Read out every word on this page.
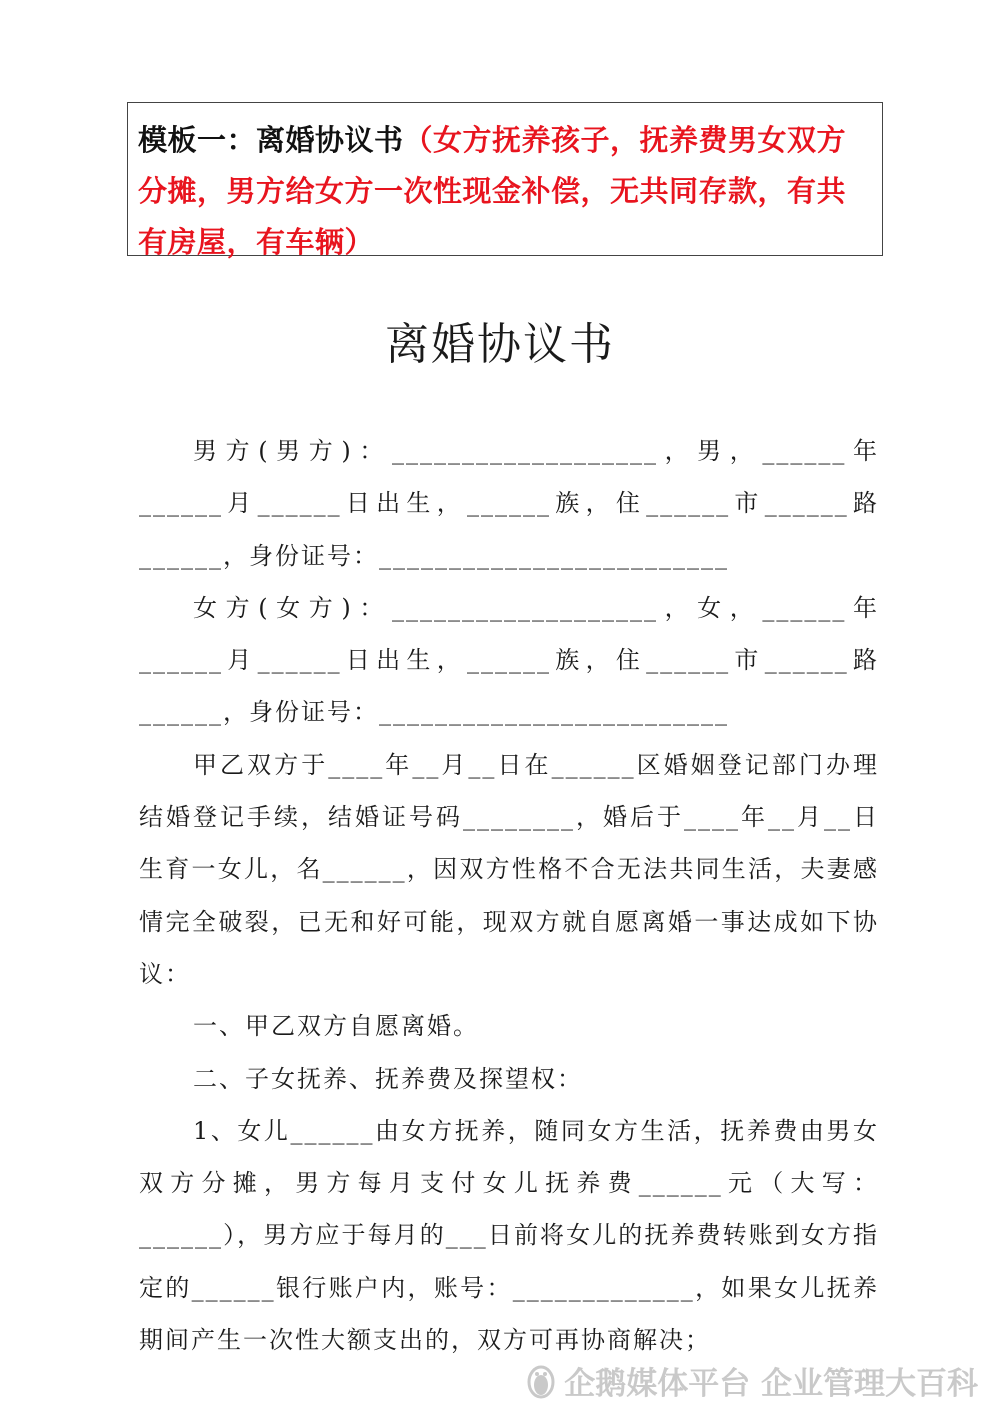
模板一：离婚协议书（女方抚养孩子，抚养费男女双方分摊，男方给女方一次性现金补偿，无共同存款，有共有房屋，有车辆）
离婚协议书

男方(男方)：___________________，男，______年______月______日出生，______族，住______市______路______，身份证号：_________________________

女方(女方)：___________________，女，______年______月______日出生，______族，住______市______路______，身份证号：_________________________

甲乙双方于____年__月__日在______区婚姻登记部门办理结婚登记手续，结婚证号码________，婚后于____年__月__日生育一女儿，名______，因双方性格不合无法共同生活，夫妻感情完全破裂，已无和好可能，现双方就自愿离婚一事达成如下协议：

一、甲乙双方自愿离婚。

二、子女抚养、抚养费及探望权：

1、女儿______由女方抚养，随同女方生活，抚养费由男女双方分摊，男方每月支付女儿抚养费______元（大写：______），男方应于每月的___日前将女儿的抚养费转账到女方指定的______银行账户内，账号：_____________，如果女儿抚养期间产生一次性大额支出的，双方可再协商解决；

企鹅媒体平台 企业管理大百科
